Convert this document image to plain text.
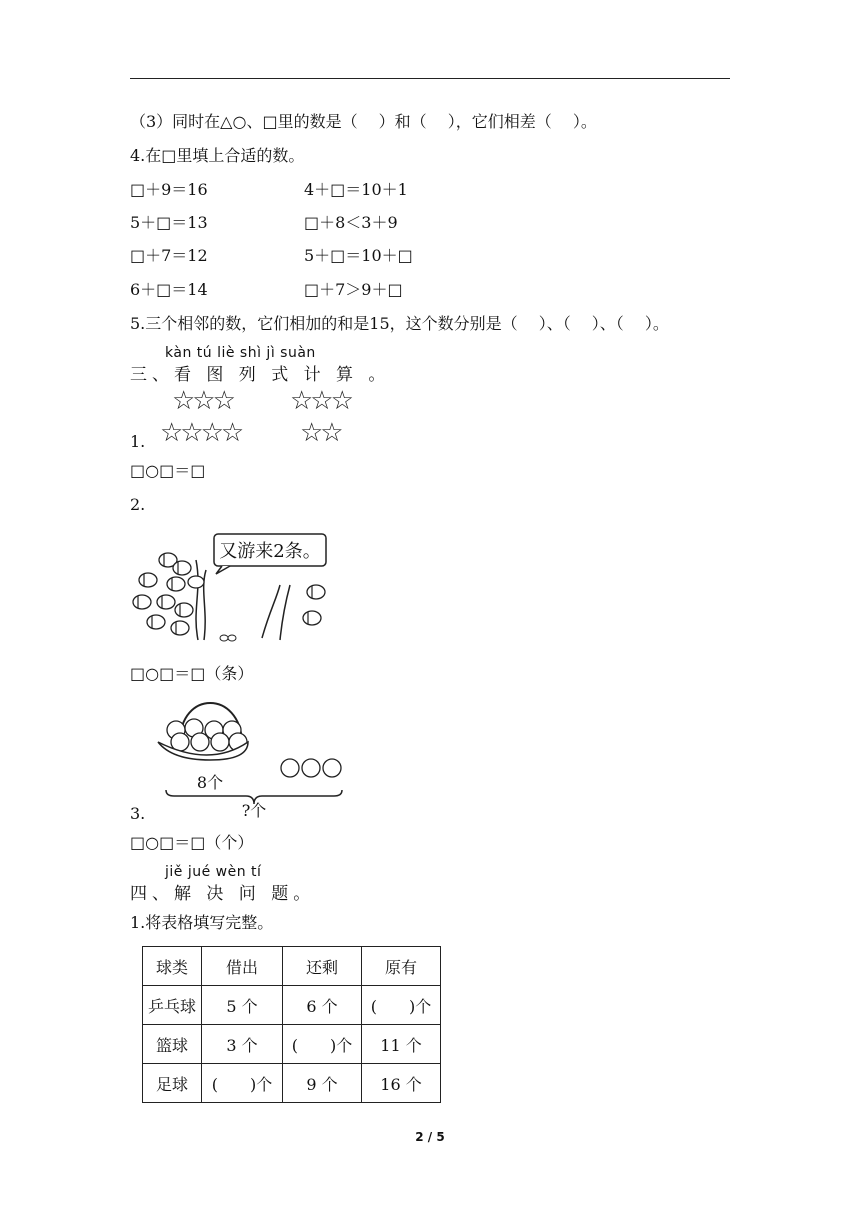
（3）同时在△○、□里的数是（　 ）和（　 ），它们相差（　 ）。
4.在□里填上合适的数。
□＋9＝16	4＋□＝10＋1
5＋□＝13	□＋8＜3＋9
□＋7＝12	5＋□＝10＋□
6＋□＝14	□＋7＞9＋□
5.三个相邻的数，它们相加的和是15，这个数分别是（　 ）、（　 ）、（　 ）。
kàn tú liè shì jì suàn
三、看 图 列 式 计 算 。
☆☆☆
☆☆☆☆
☆☆☆
☆☆
1.
□○□＝□
2.
又游来2条。
□○□＝□（条）
8个
?个
3.
□○□＝□（个）
jiě jué wèn tí
四、解 决 问 题。
1.将表格填写完整。
球类	借出	还剩	原有
乒乓球	5 个	6 个	(　　)个
篮球	3 个	(　　)个	11 个
足球	(　　)个	9 个	16 个
2 / 5
